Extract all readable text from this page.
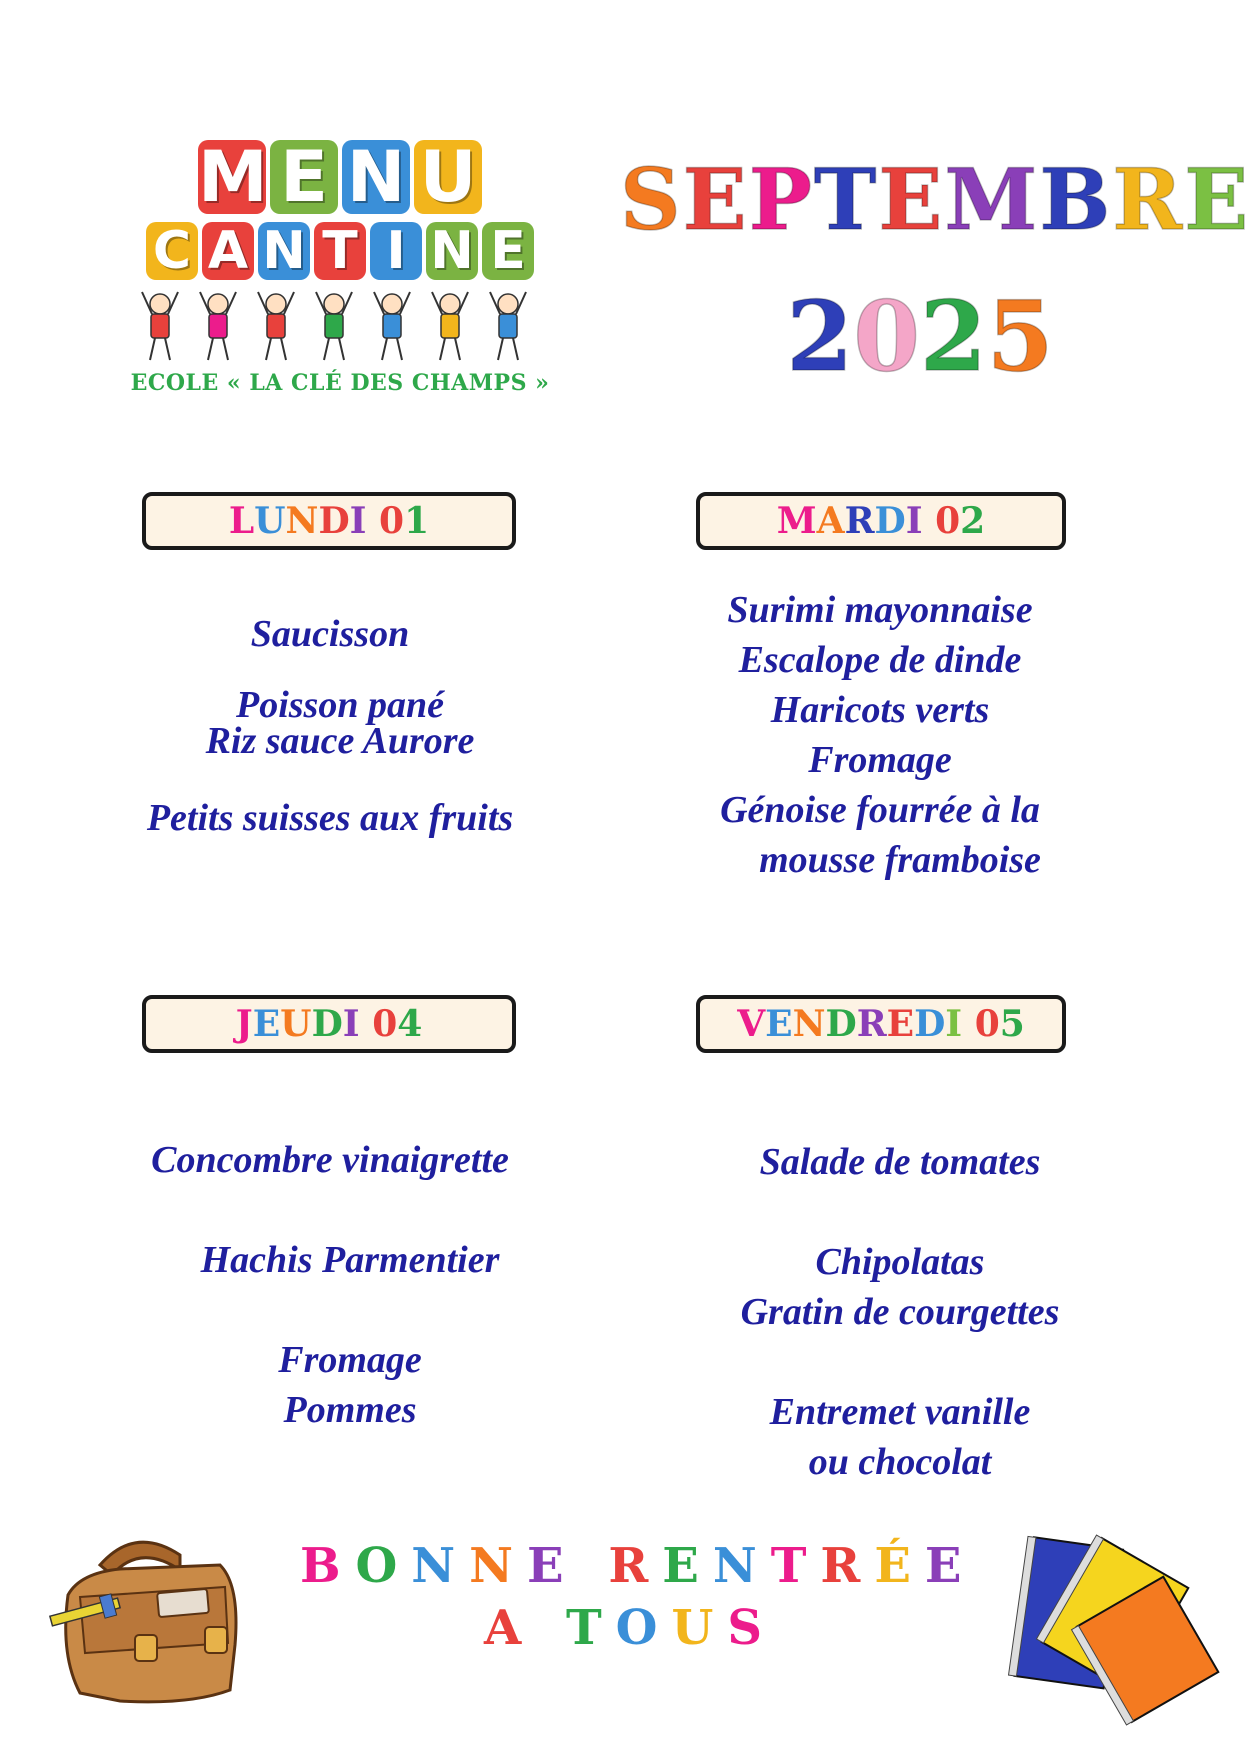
M E N U
C A N T I N E
ECOLE « LA CLÉ DES CHAMPS »
SEPTEMBRE
2025
L U N D I
0 1	M A R D I
0 2
J E U D I
0 4	V E N D R E D I
0 5
Saucisson
Poisson pané
Riz sauce Aurore
Petits suisses aux fruits
Surimi mayonnaise
Escalope de dinde
Haricots verts
Fromage
Génoise fourrée à la
mousse framboise
Concombre vinaigrette
Hachis Parmentier
Fromage
Pommes
Salade de tomates
Chipolatas
Gratin de courgettes
Entremet vanille
ou chocolat
BONNE RENTRÉE
A TOUS
